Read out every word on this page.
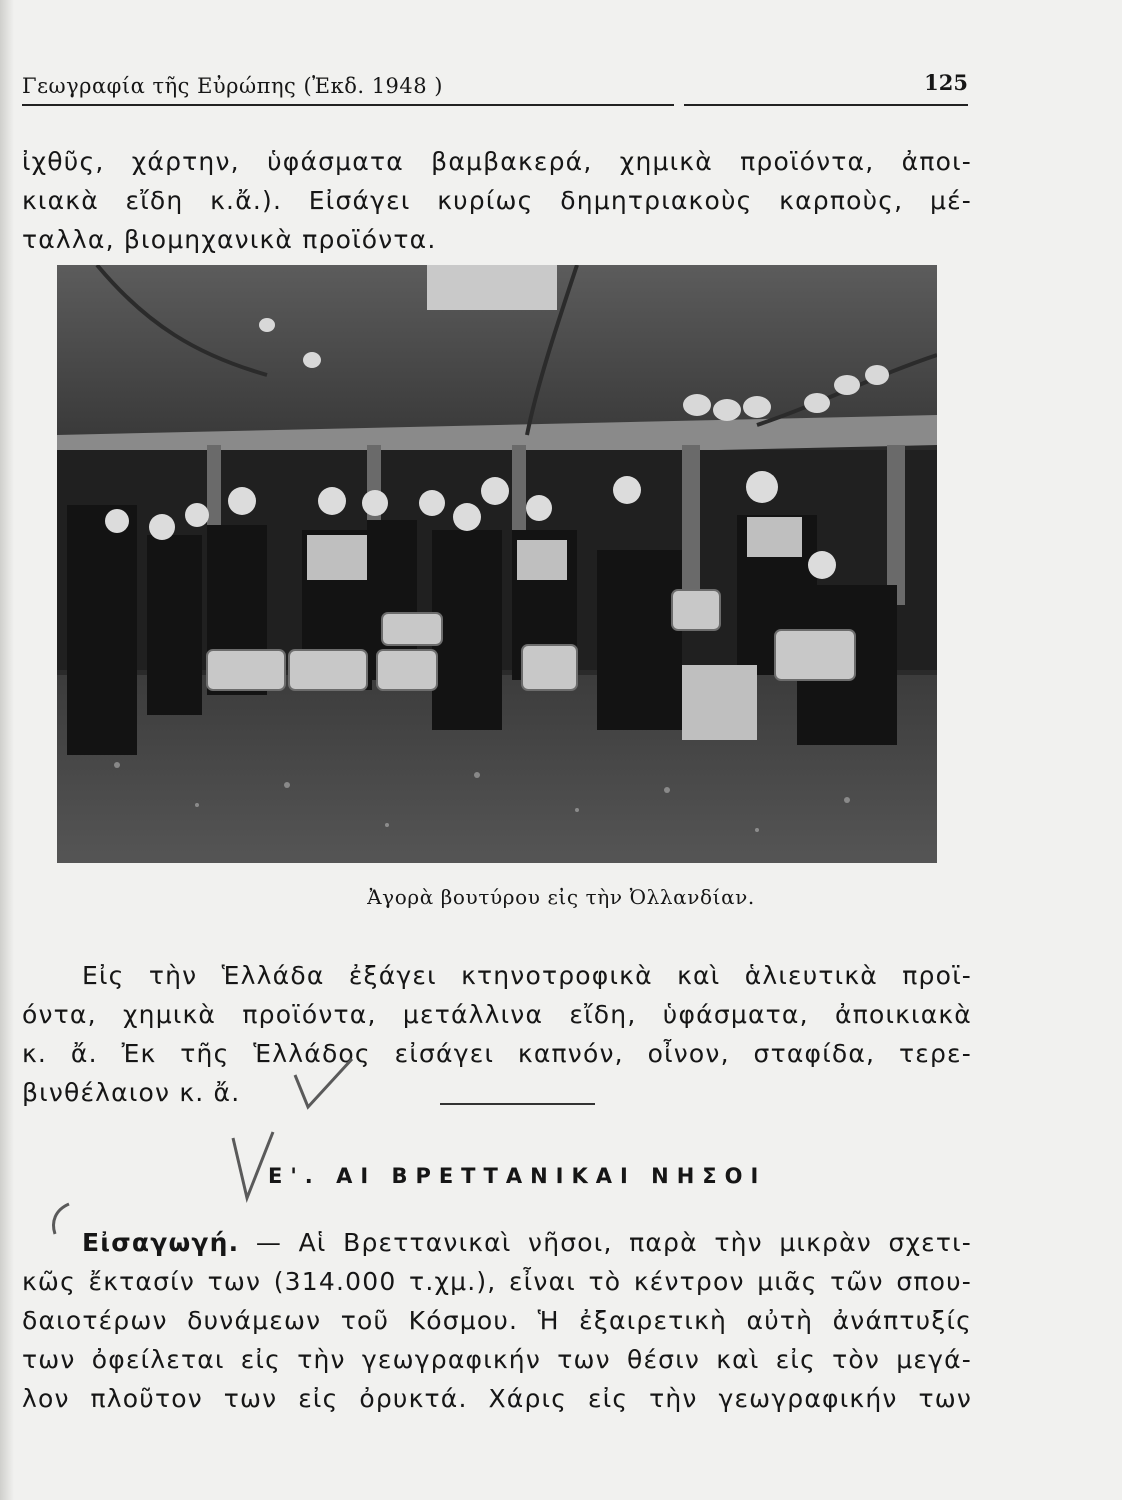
Γεωγραφία τῆς Εὐρώπης (Ἐκδ. 1948 )	125
ἰχθῦς, χάρτην, ὑφάσματα βαμβακερά, χημικὰ προϊόντα, ἀποι-
κιακὰ εἴδη κ.ἄ.). Εἰσάγει κυρίως δημητριακοὺς καρποὺς, μέ-
ταλλα, βιομηχανικὰ προϊόντα.
Ἀγορὰ βουτύρου εἰς τὴν Ὀλλανδίαν.
Εἰς τὴν Ἑλλάδα ἐξάγει κτηνοτροφικὰ καὶ ἁλιευτικὰ προϊ-
όντα, χημικὰ προϊόντα, μετάλλινα εἴδη, ὑφάσματα, ἀποικιακὰ
κ. ἄ. Ἐκ τῆς Ἑλλάδος εἰσάγει καπνόν, οἶνον, σταφίδα, τερε-
βινθέλαιον κ. ἄ.
Ε'. ΑΙ ΒΡΕΤΤΑΝΙΚΑΙ ΝΗΣΟΙ
Εἰσαγωγή. — Αἱ Βρεττανικαὶ νῆσοι, παρὰ τὴν μικρὰν σχετι-
κῶς ἔκτασίν των (314.000 τ.χμ.), εἶναι τὸ κέντρον μιᾶς τῶν σπου-
δαιοτέρων δυνάμεων τοῦ Κόσμου. Ἡ ἐξαιρετικὴ αὐτὴ ἀνάπτυξίς
των ὀφείλεται εἰς τὴν γεωγραφικήν των θέσιν καὶ εἰς τὸν μεγά-
λον πλοῦτον των εἰς ὀρυκτά. Χάρις εἰς τὴν γεωγραφικήν των
